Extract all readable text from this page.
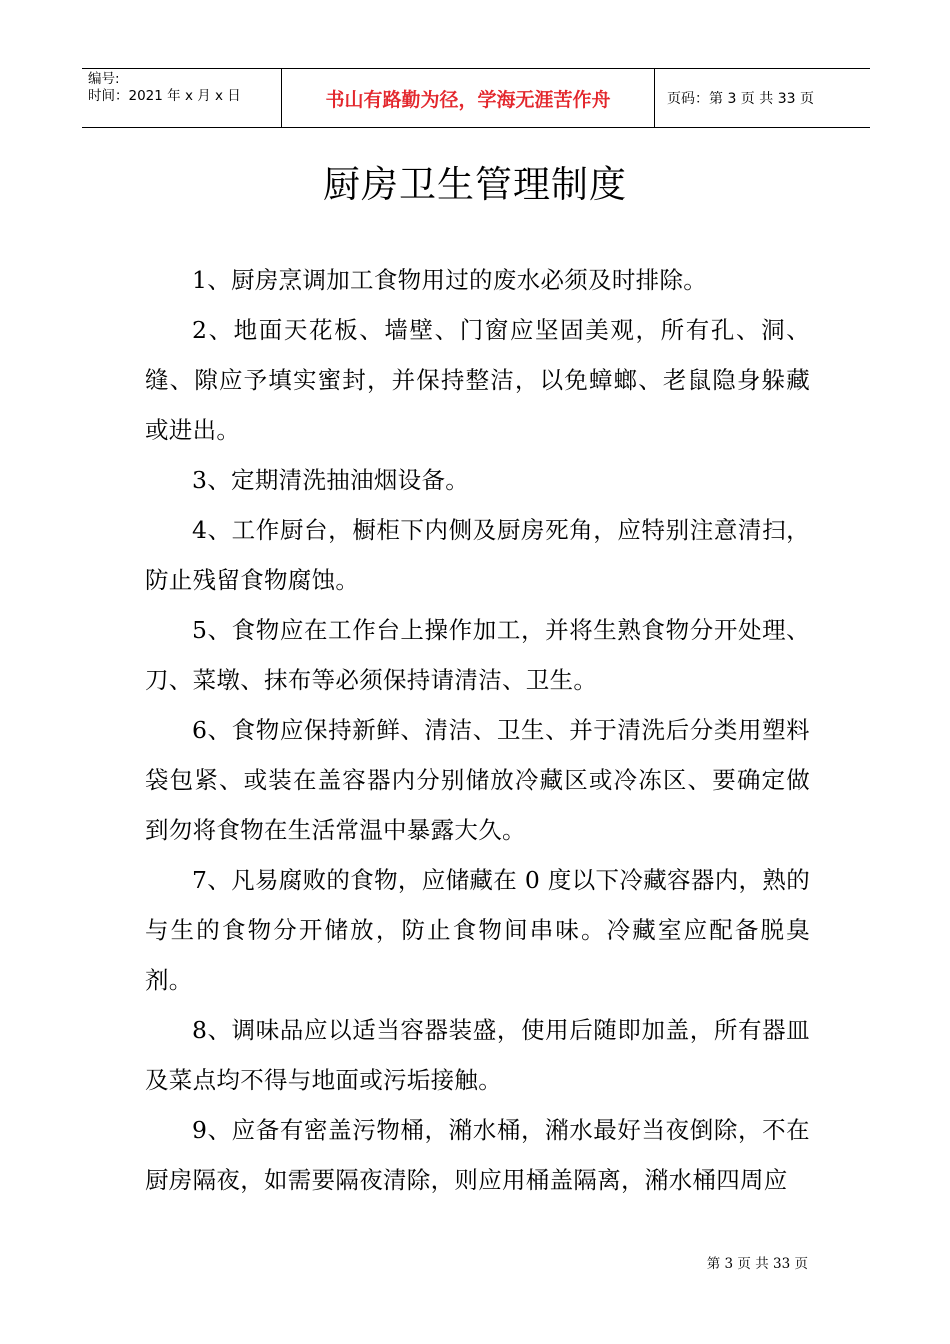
编号:
时间：2021 年 x 月 x 日	书山有路勤为径，学海无涯苦作舟	页码：第 3 页 共 33 页
厨房卫生管理制度

1、厨房烹调加工食物用过的废水必须及时排除。

2、地面天花板、墙壁、门窗应坚固美观，所有孔、洞、缝、隙应予填实蜜封，并保持整洁，以免蟑螂、老鼠隐身躲藏或进出。

3、定期清洗抽油烟设备。

4、工作厨台，橱柜下内侧及厨房死角，应特别注意清扫，防止残留食物腐蚀。

5、食物应在工作台上操作加工，并将生熟食物分开处理、刀、菜墩、抹布等必须保持请清洁、卫生。

6、食物应保持新鲜、清洁、卫生、并于清洗后分类用塑料袋包紧、或装在盖容器内分别储放冷藏区或冷冻区、要确定做到勿将食物在生活常温中暴露大久。

7、凡易腐败的食物，应储藏在 0 度以下冷藏容器内，熟的与生的食物分开储放，防止食物间串味。冷藏室应配备脱臭剂。

8、调味品应以适当容器装盛，使用后随即加盖，所有器皿及菜点均不得与地面或污垢接触。

9、应备有密盖污物桶，潲水桶，潲水最好当夜倒除，不在厨房隔夜，如需要隔夜清除，则应用桶盖隔离，潲水桶四周应

第 3 页 共 33 页
